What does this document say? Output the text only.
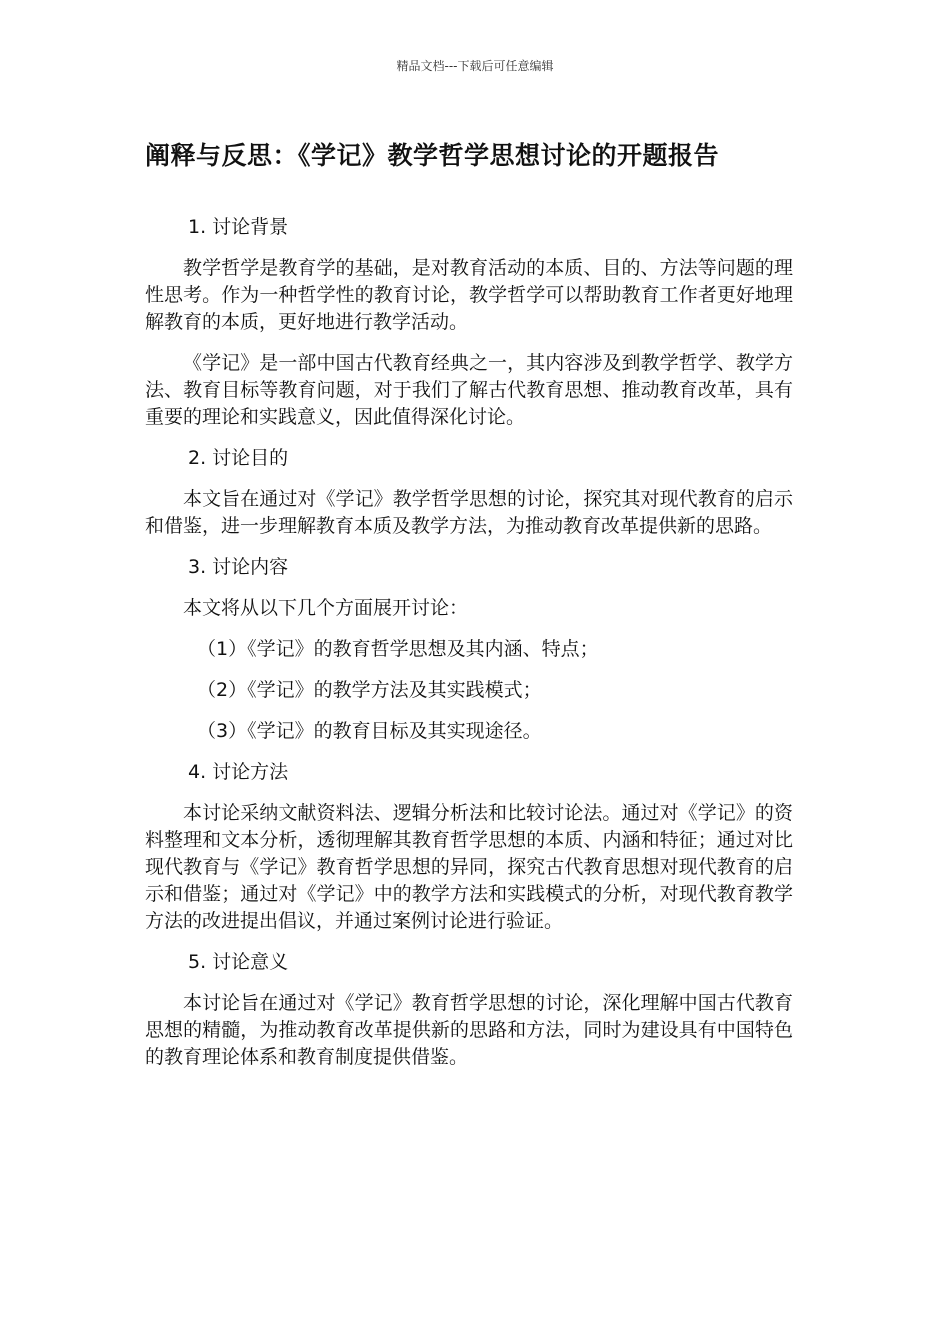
精品文档---下载后可任意编辑
阐释与反思：《学记》教学哲学思想讨论的开题报告

1. 讨论背景

教学哲学是教育学的基础，是对教育活动的本质、目的、方法等问题的理性思考。作为一种哲学性的教育讨论，教学哲学可以帮助教育工作者更好地理解教育的本质，更好地进行教学活动。

《学记》是一部中国古代教育经典之一，其内容涉及到教学哲学、教学方法、教育目标等教育问题，对于我们了解古代教育思想、推动教育改革，具有重要的理论和实践意义，因此值得深化讨论。

2. 讨论目的

本文旨在通过对《学记》教学哲学思想的讨论，探究其对现代教育的启示和借鉴，进一步理解教育本质及教学方法，为推动教育改革提供新的思路。

3. 讨论内容

本文将从以下几个方面展开讨论：

（1）《学记》的教育哲学思想及其内涵、特点；

（2）《学记》的教学方法及其实践模式；

（3）《学记》的教育目标及其实现途径。

4. 讨论方法

本讨论采纳文献资料法、逻辑分析法和比较讨论法。通过对《学记》的资料整理和文本分析，透彻理解其教育哲学思想的本质、内涵和特征；通过对比现代教育与《学记》教育哲学思想的异同，探究古代教育思想对现代教育的启示和借鉴；通过对《学记》中的教学方法和实践模式的分析，对现代教育教学方法的改进提出倡议，并通过案例讨论进行验证。

5. 讨论意义

本讨论旨在通过对《学记》教育哲学思想的讨论，深化理解中国古代教育思想的精髓，为推动教育改革提供新的思路和方法，同时为建设具有中国特色的教育理论体系和教育制度提供借鉴。
